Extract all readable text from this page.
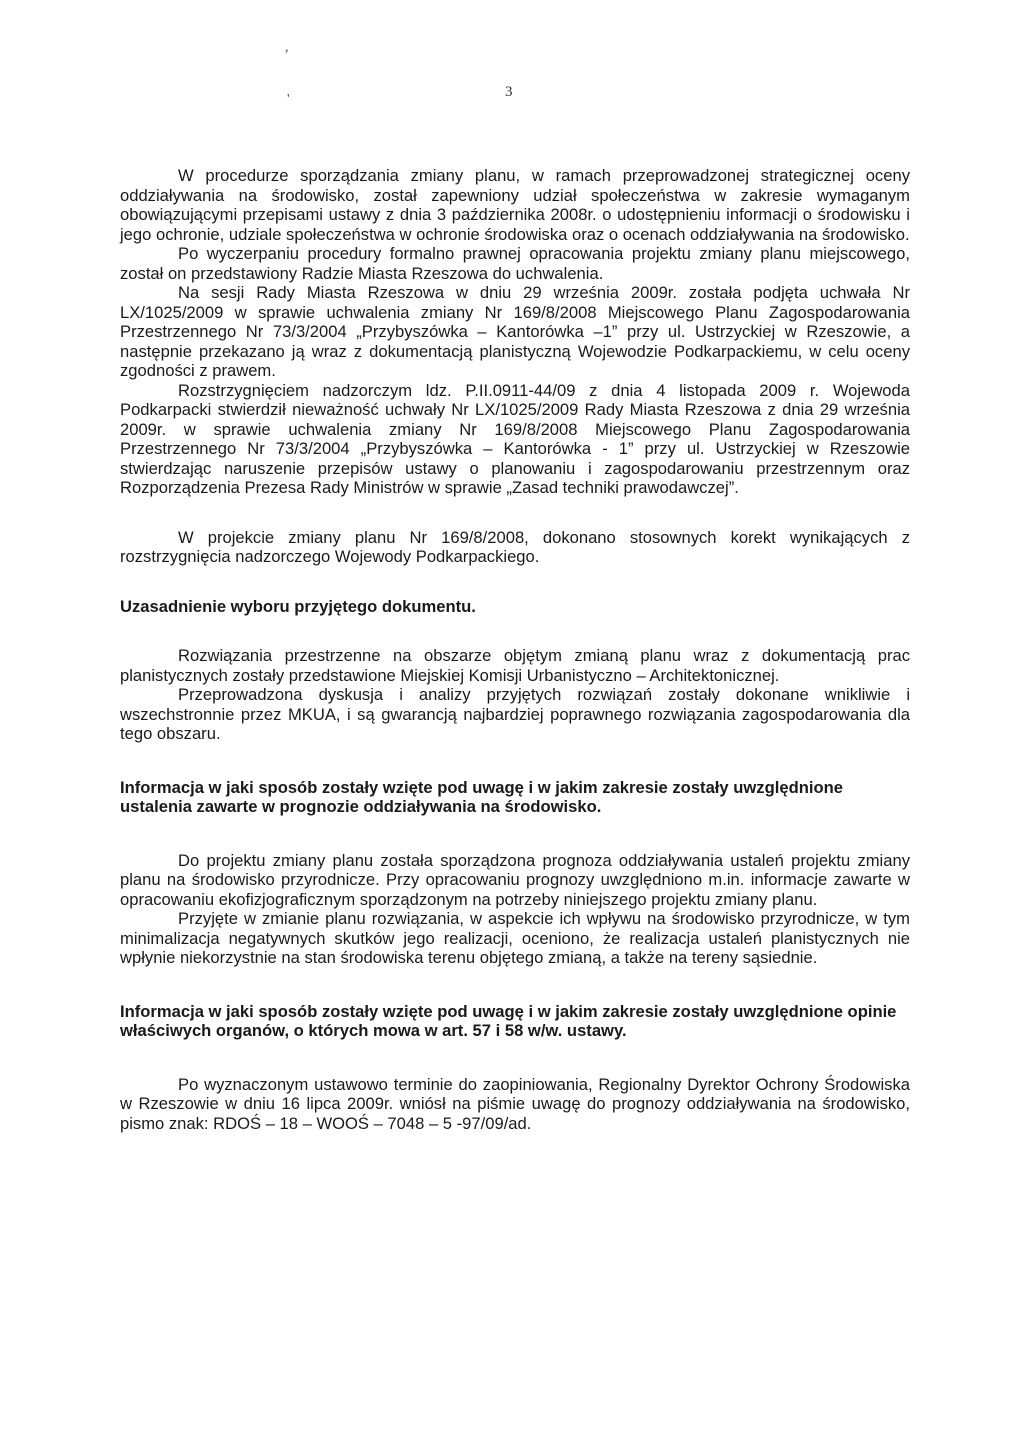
,
'	3

W procedurze sporządzania zmiany planu, w ramach przeprowadzonej strategicznej oceny oddziaływania na środowisko, został zapewniony udział społeczeństwa w zakresie wymaganym obowiązującymi przepisami ustawy z dnia 3 października 2008r. o udostępnieniu informacji o środowisku i jego ochronie, udziale społeczeństwa w ochronie środowiska oraz o ocenach oddziaływania na środowisko.

Po wyczerpaniu procedury formalno prawnej opracowania projektu zmiany planu miejscowego, został on przedstawiony Radzie Miasta Rzeszowa do uchwalenia.

Na sesji Rady Miasta Rzeszowa w dniu 29 września 2009r. została podjęta uchwała Nr LX/1025/2009 w sprawie uchwalenia zmiany Nr 169/8/2008 Miejscowego Planu Zagospodarowania Przestrzennego Nr 73/3/2004 „Przybyszówka – Kantorówka –1” przy ul. Ustrzyckiej w Rzeszowie, a następnie przekazano ją wraz z dokumentacją planistyczną Wojewodzie Podkarpackiemu, w celu oceny zgodności z prawem.

Rozstrzygnięciem nadzorczym ldz. P.II.0911-44/09 z dnia 4 listopada 2009 r. Wojewoda Podkarpacki stwierdził nieważność uchwały Nr LX/1025/2009 Rady Miasta Rzeszowa z dnia 29 września 2009r. w sprawie uchwalenia zmiany Nr 169/8/2008 Miejscowego Planu Zagospodarowania Przestrzennego Nr 73/3/2004 „Przybyszówka – Kantorówka - 1” przy ul. Ustrzyckiej w Rzeszowie stwierdzając naruszenie przepisów ustawy o planowaniu i zagospodarowaniu przestrzennym oraz Rozporządzenia Prezesa Rady Ministrów w sprawie „Zasad techniki prawodawczej”.

W projekcie zmiany planu Nr 169/8/2008, dokonano stosownych korekt wynikających z rozstrzygnięcia nadzorczego Wojewody Podkarpackiego.

Uzasadnienie wyboru przyjętego dokumentu.

Rozwiązania przestrzenne na obszarze objętym zmianą planu wraz z dokumentacją prac planistycznych zostały przedstawione Miejskiej Komisji Urbanistyczno – Architektonicznej.

Przeprowadzona dyskusja i analizy przyjętych rozwiązań zostały dokonane wnikliwie i wszechstronnie przez MKUA, i są gwarancją najbardziej poprawnego rozwiązania zagospodarowania dla tego obszaru.

Informacja w jaki sposób zostały wzięte pod uwagę i w jakim zakresie zostały uwzględnione ustalenia zawarte w prognozie oddziaływania na środowisko.

Do projektu zmiany planu została sporządzona prognoza oddziaływania ustaleń projektu zmiany planu na środowisko przyrodnicze. Przy opracowaniu prognozy uwzględniono m.in. informacje zawarte w opracowaniu ekofizjograficznym sporządzonym na potrzeby niniejszego projektu zmiany planu.

Przyjęte w zmianie planu rozwiązania, w aspekcie ich wpływu na środowisko przyrodnicze, w tym minimalizacja negatywnych skutków jego realizacji, oceniono, że realizacja ustaleń planistycznych nie wpłynie niekorzystnie na stan środowiska terenu objętego zmianą, a także na tereny sąsiednie.

Informacja w jaki sposób zostały wzięte pod uwagę i w jakim zakresie zostały uwzględnione opinie właściwych organów, o których mowa w art. 57 i 58 w/w. ustawy.

Po wyznaczonym ustawowo terminie do zaopiniowania, Regionalny Dyrektor Ochrony Środowiska w Rzeszowie w dniu 16 lipca 2009r. wniósł na piśmie uwagę do prognozy oddziaływania na środowisko, pismo znak: RDOŚ – 18 – WOOŚ – 7048 – 5 -97/09/ad.
